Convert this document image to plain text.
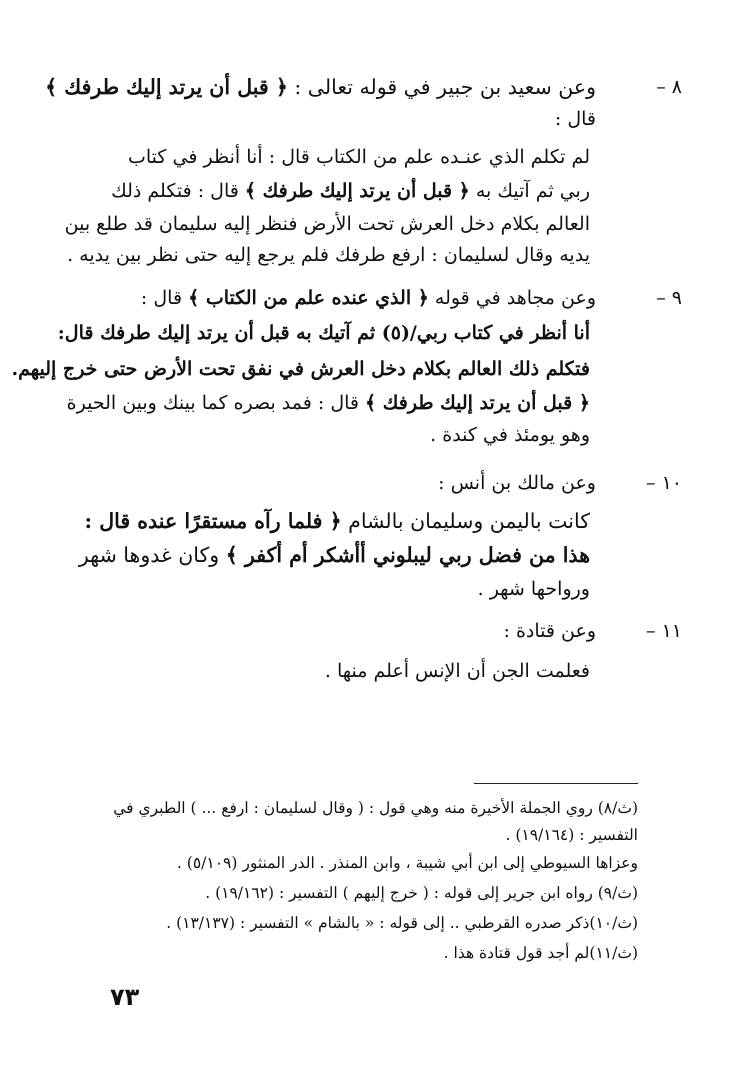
٨ –
وعن سعيد بن جبير في قوله تعالى : ﴿ قبل أن يرتد إليك طرفك ﴾
قال :
لم تكلم الذي عنـده علم من الكتاب قال : أنا أنظر في كتاب
ربي ثم آتيك به ﴿ قبل أن يرتد إليك طرفك ﴾ قال : فتكلم ذلك
العالم بكلام دخل العرش تحت الأرض فنظر إليه سليمان قد طلع بين
يديه وقال لسليمان : ارفع طرفك فلم يرجع إليه حتى نظر بين يديه .
٩ –
وعن مجاهد في قوله ﴿ الذي عنده علم من الكتاب ﴾ قال :
أنا أنظر في كتاب ربي/(٥) ثم آتيك به قبل أن يرتد إليك طرفك قال:
فتكلم ذلك العالم بكلام دخل العرش في نفق تحت الأرض حتى خرج إليهم.
﴿ قبل أن يرتد إليك طرفك ﴾ قال : فمد بصره كما بينك وبين الحيرة
وهو يومئذ في كندة .
١٠ –
وعن مالك بن أنس :
كانت باليمن وسليمان بالشام ﴿ فلما رآه مستقرًا عنده قال :
هذا من فضل ربي ليبلوني أأشكر أم أكفر ﴾ وكان غدوها شهر
ورواحها شهر .
١١ –
وعن قتادة :
فعلمت الجن أن الإنس أعلم منها .
(ث/٨) روي الجملة الأخيرة منه وهي قول : ( وقال لسليمان : ارفع ... ) الطبري في
التفسير : (١٩/١٦٤) .
وعزاها السيوطي إلى ابن أبي شيبة ، وابن المنذر . الدر المنثور (٥/١٠٩) .
(ث/٩) رواه ابن جرير إلى قوله : ( خرج إليهم ) التفسير : (١٩/١٦٢) .
(ث/١٠)ذكر صدره القرطبي .. إلى قوله : « بالشام » التفسير : (١٣/١٣٧) .
(ث/١١)لم أجد قول قتادة هذا .
٧٣
